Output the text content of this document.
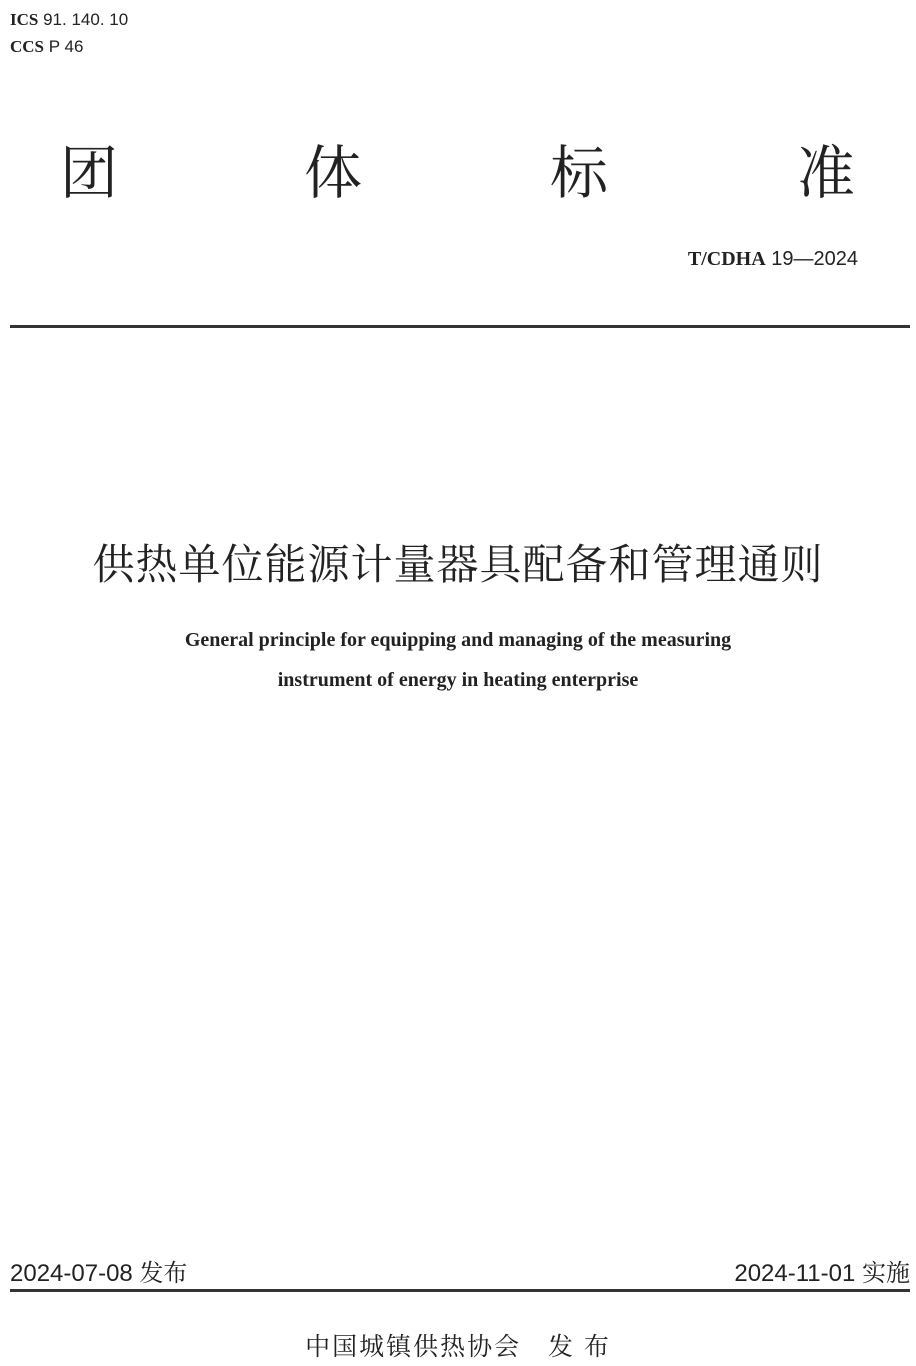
ICS 91. 140. 10
CCS P 46
团	体	标	准
T/CDHA 19—2024
供热单位能源计量器具配备和管理通则
General principle for equipping and managing of the measuring
instrument of energy in heating enterprise
2024-07-08 发布	2024-11-01 实施
中国城镇供热协会 发 布
